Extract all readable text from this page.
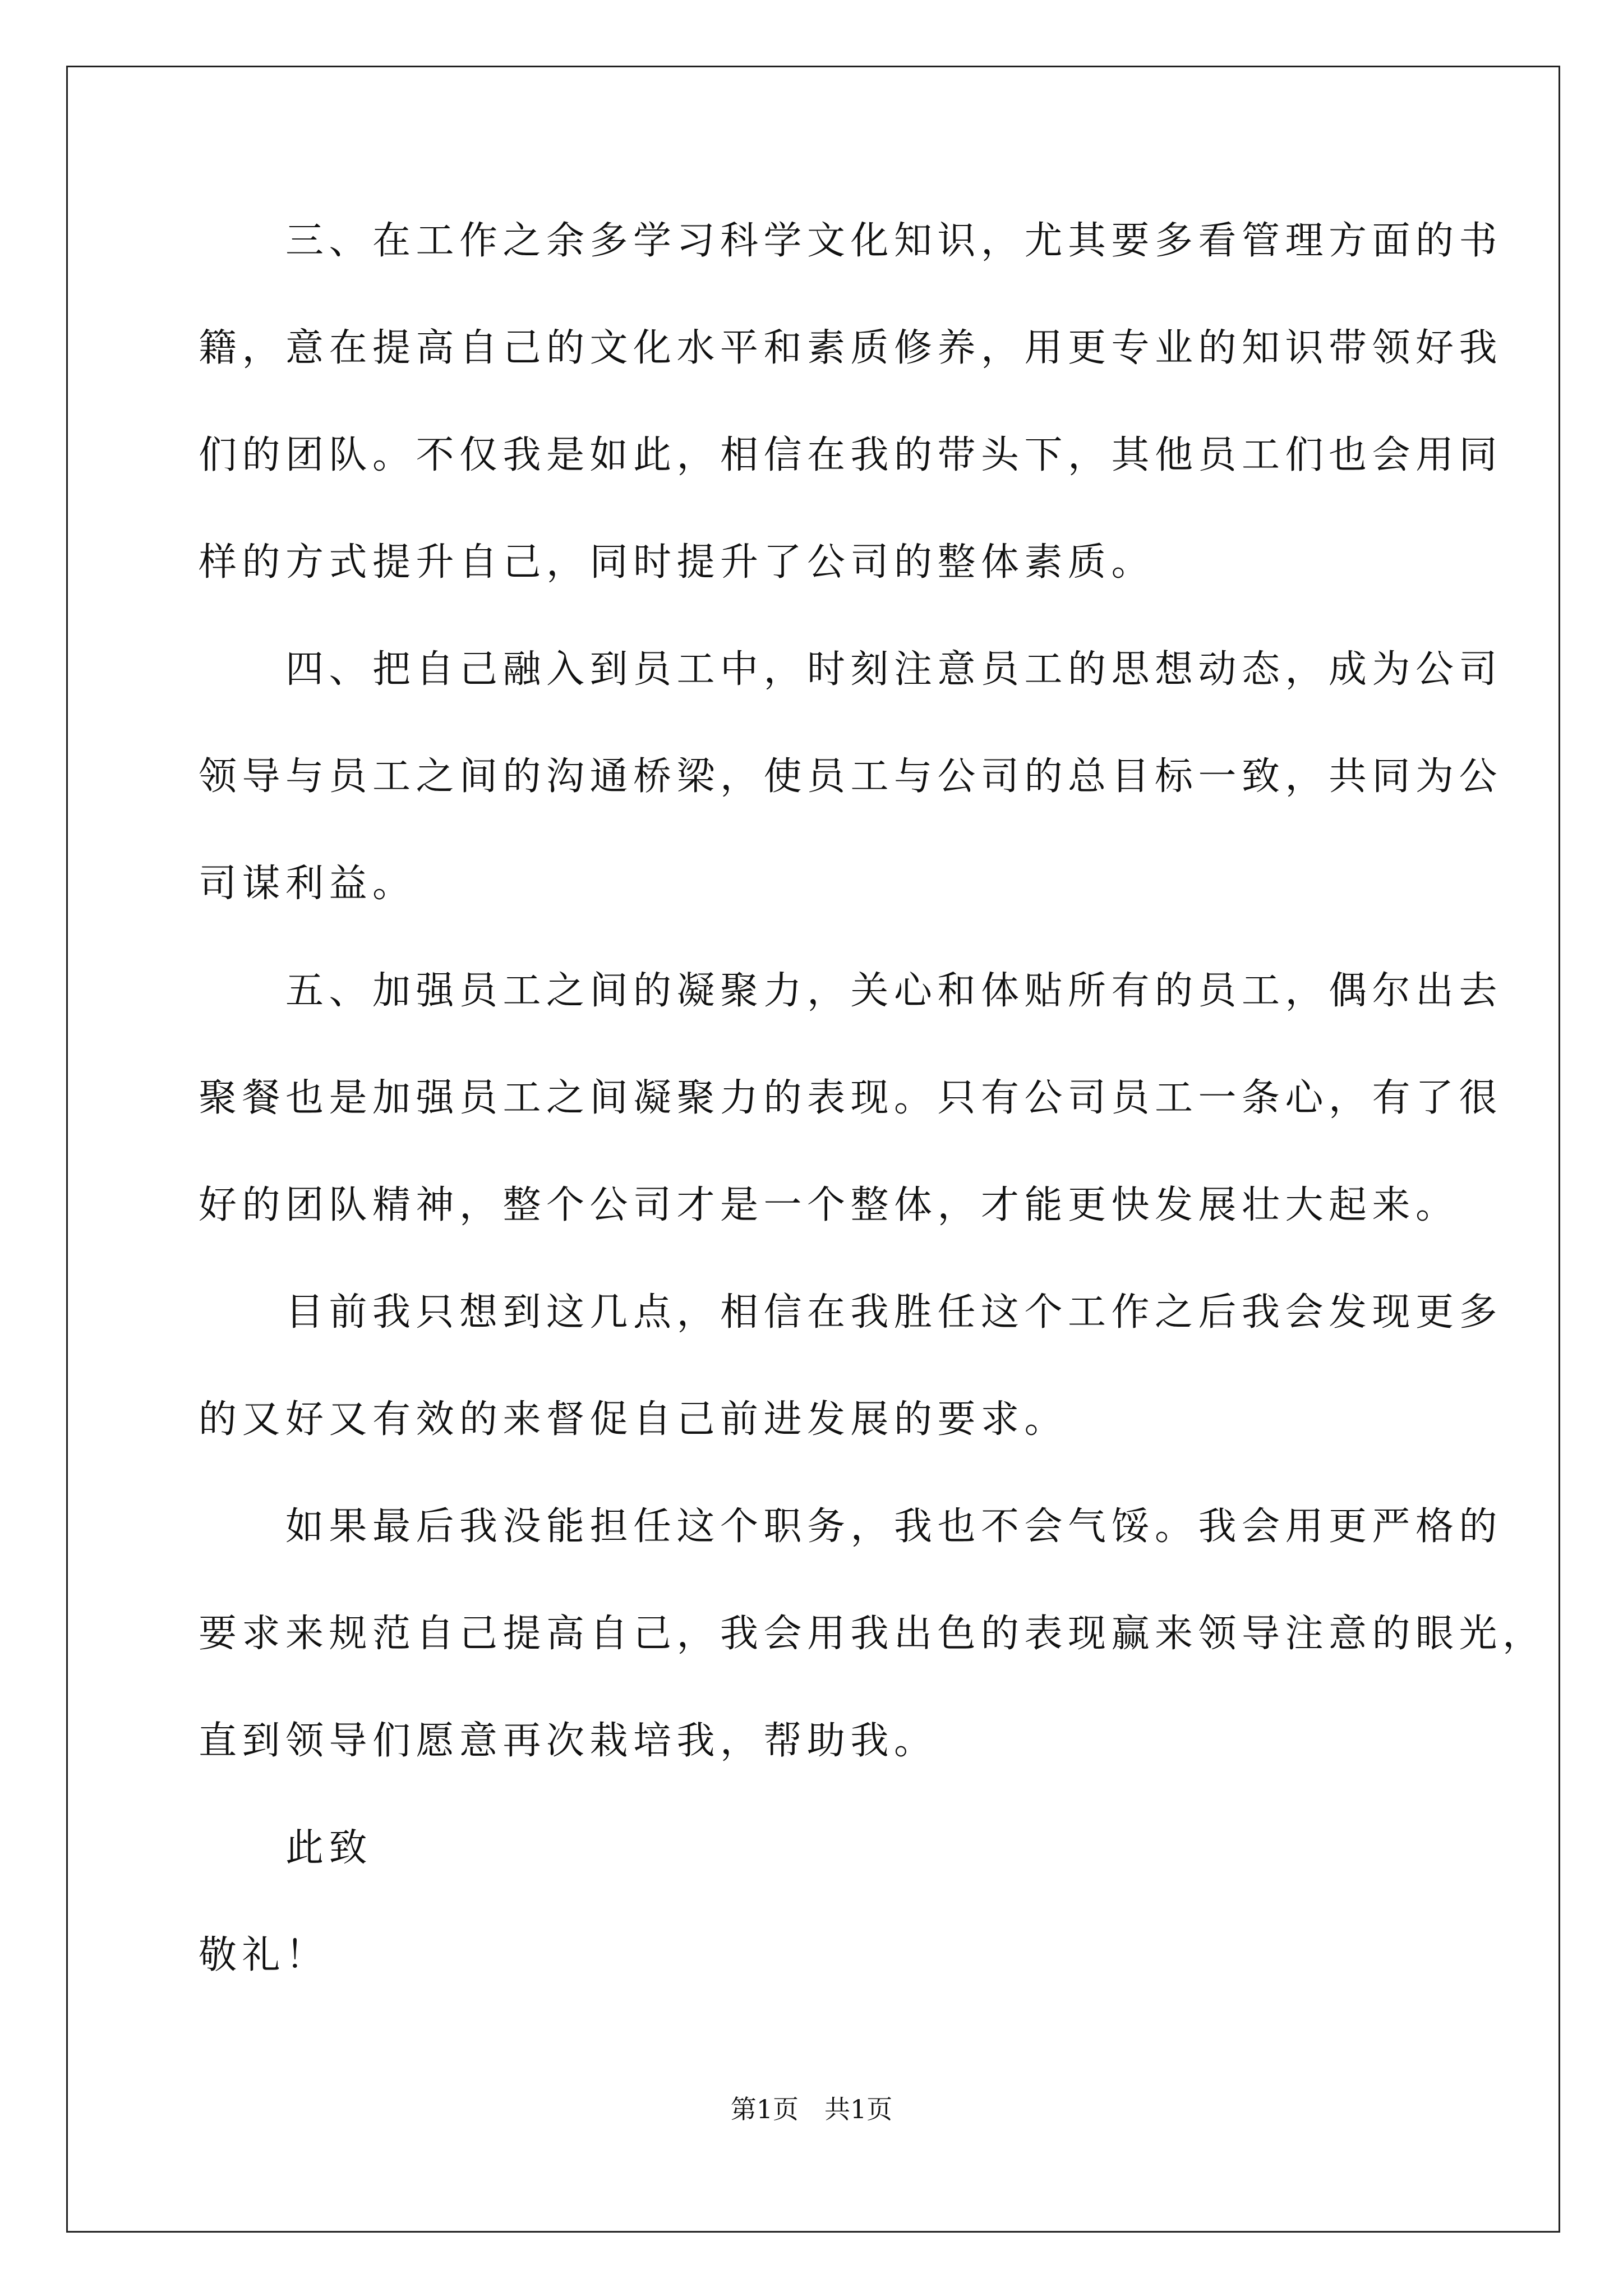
　　三、在工作之余多学习科学文化知识，尤其要多看管理方面的书
籍，意在提高自己的文化水平和素质修养，用更专业的知识带领好我
们的团队。不仅我是如此，相信在我的带头下，其他员工们也会用同
样的方式提升自己，同时提升了公司的整体素质。
　　四、把自己融入到员工中，时刻注意员工的思想动态，成为公司
领导与员工之间的沟通桥梁，使员工与公司的总目标一致，共同为公
司谋利益。
　　五、加强员工之间的凝聚力，关心和体贴所有的员工，偶尔出去
聚餐也是加强员工之间凝聚力的表现。只有公司员工一条心，有了很
好的团队精神，整个公司才是一个整体，才能更快发展壮大起来。
　　目前我只想到这几点，相信在我胜任这个工作之后我会发现更多
的又好又有效的来督促自己前进发展的要求。
　　如果最后我没能担任这个职务，我也不会气馁。我会用更严格的
要求来规范自己提高自己，我会用我出色的表现赢来领导注意的眼光，
直到领导们愿意再次栽培我，帮助我。
　　此致
敬礼！
第1页　共1页
